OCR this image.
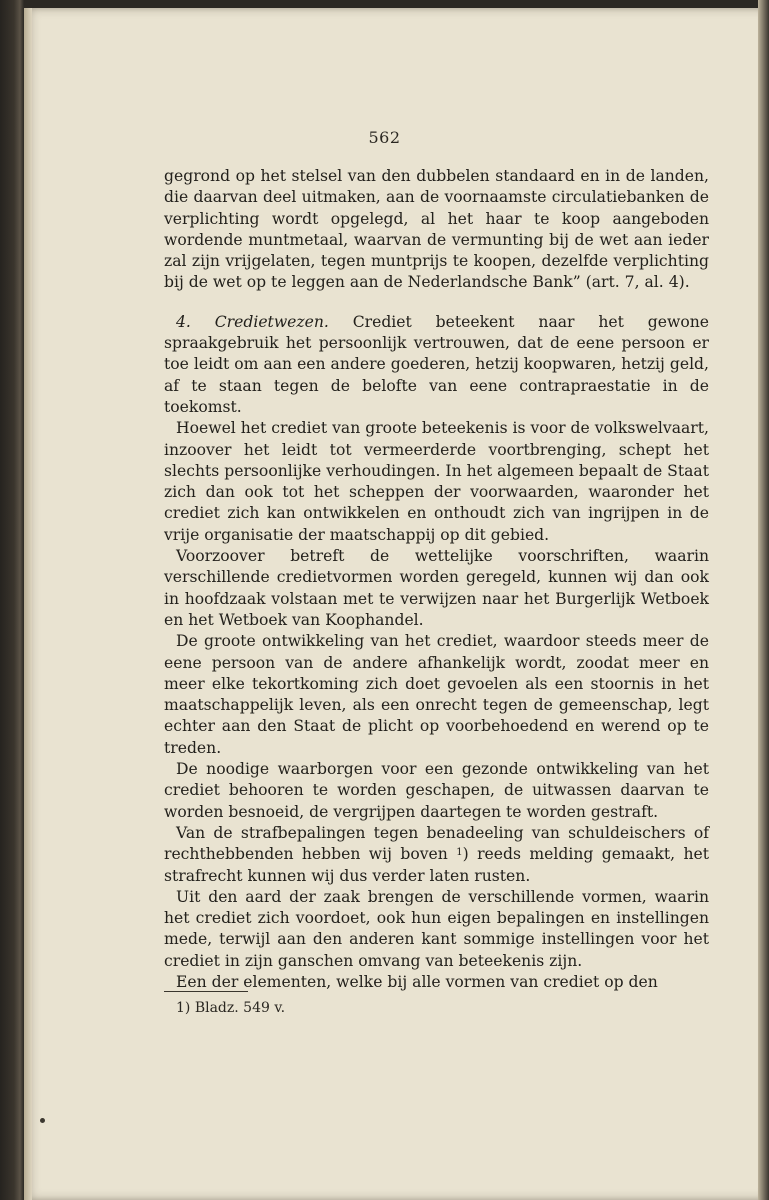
562

gegrond op het stelsel van den dubbelen standaard en in de landen, die daarvan deel uitmaken, aan de voornaamste circulatiebanken de verplichting wordt opgelegd, al het haar te koop aangeboden wordende muntmetaal, waarvan de vermunting bij de wet aan ieder zal zijn vrijgelaten, tegen muntprijs te koopen, dezelfde verplichting bij de wet op te leggen aan de Nederlandsche Bank” (art. 7, al. 4).

4. Credietwezen. Crediet beteekent naar het gewone spraakgebruik het persoonlijk vertrouwen, dat de eene persoon er toe leidt om aan een andere goederen, hetzij koopwaren, hetzij geld, af te staan tegen de belofte van eene contrapraestatie in de toekomst.

Hoewel het crediet van groote beteekenis is voor de volkswelvaart, inzoover het leidt tot vermeerderde voortbrenging, schept het slechts persoonlijke verhoudingen. In het algemeen bepaalt de Staat zich dan ook tot het scheppen der voorwaarden, waaronder het crediet zich kan ontwikkelen en onthoudt zich van ingrijpen in de vrije organisatie der maatschappij op dit gebied.

Voorzoover betreft de wettelijke voorschriften, waarin verschillende credietvormen worden geregeld, kunnen wij dan ook in hoofdzaak volstaan met te verwijzen naar het Burgerlijk Wetboek en het Wetboek van Koophandel.

De groote ontwikkeling van het crediet, waardoor steeds meer de eene persoon van de andere afhankelijk wordt, zoodat meer en meer elke tekortkoming zich doet gevoelen als een stoornis in het maatschappelijk leven, als een onrecht tegen de gemeenschap, legt echter aan den Staat de plicht op voorbehoedend en werend op te treden.

De noodige waarborgen voor een gezonde ontwikkeling van het crediet behooren te worden geschapen, de uitwassen daarvan te worden besnoeid, de vergrijpen daartegen te worden gestraft.

Van de strafbepalingen tegen benadeeling van schuldeischers of rechthebbenden hebben wij boven $^1$) reeds melding gemaakt, het strafrecht kunnen wij dus verder laten rusten.

Uit den aard der zaak brengen de verschillende vormen, waarin het crediet zich voordoet, ook hun eigen bepalingen en instellingen mede, terwijl aan den anderen kant sommige instellingen voor het crediet in zijn ganschen omvang van beteekenis zijn.

Een der elementen, welke bij alle vormen van crediet op den

1) Bladz. 549 v.
